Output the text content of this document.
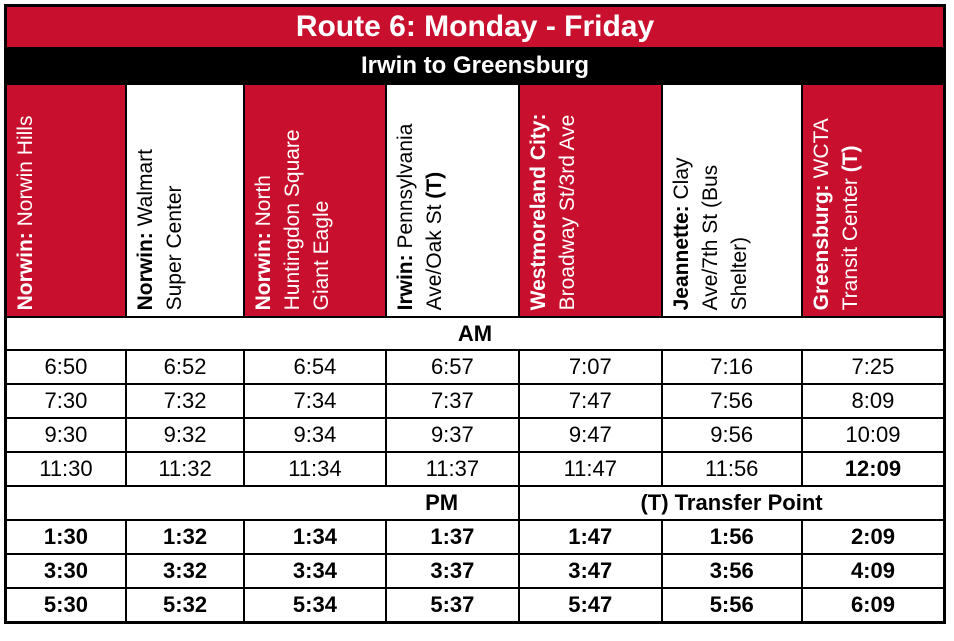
Route 6: Monday - Friday						
Irwin to Greensburg						

Norwin: Norwin Hills	Norwin: Walmart Super Center	Norwin: North Huntingdon Square Giant Eagle	Irwin: Pennsylvania Ave/Oak St (T)	Westmoreland City: Broadway St/3rd Ave	Jeannette: Clay Ave/7th St (Bus Shelter)	Greensburg: WCTA Transit Center (T)

AM						
6:50	6:52	6:54	6:57	7:07	7:16	7:25
7:30	7:32	7:34	7:37	7:47	7:56	8:09
9:30	9:32	9:34	9:37	9:47	9:56	10:09
11:30	11:32	11:34	11:37	11:47	11:56	12:09
PM				(T) Transfer Point		
1:30	1:32	1:34	1:37	1:47	1:56	2:09
3:30	3:32	3:34	3:37	3:47	3:56	4:09
5:30	5:32	5:34	5:37	5:47	5:56	6:09
